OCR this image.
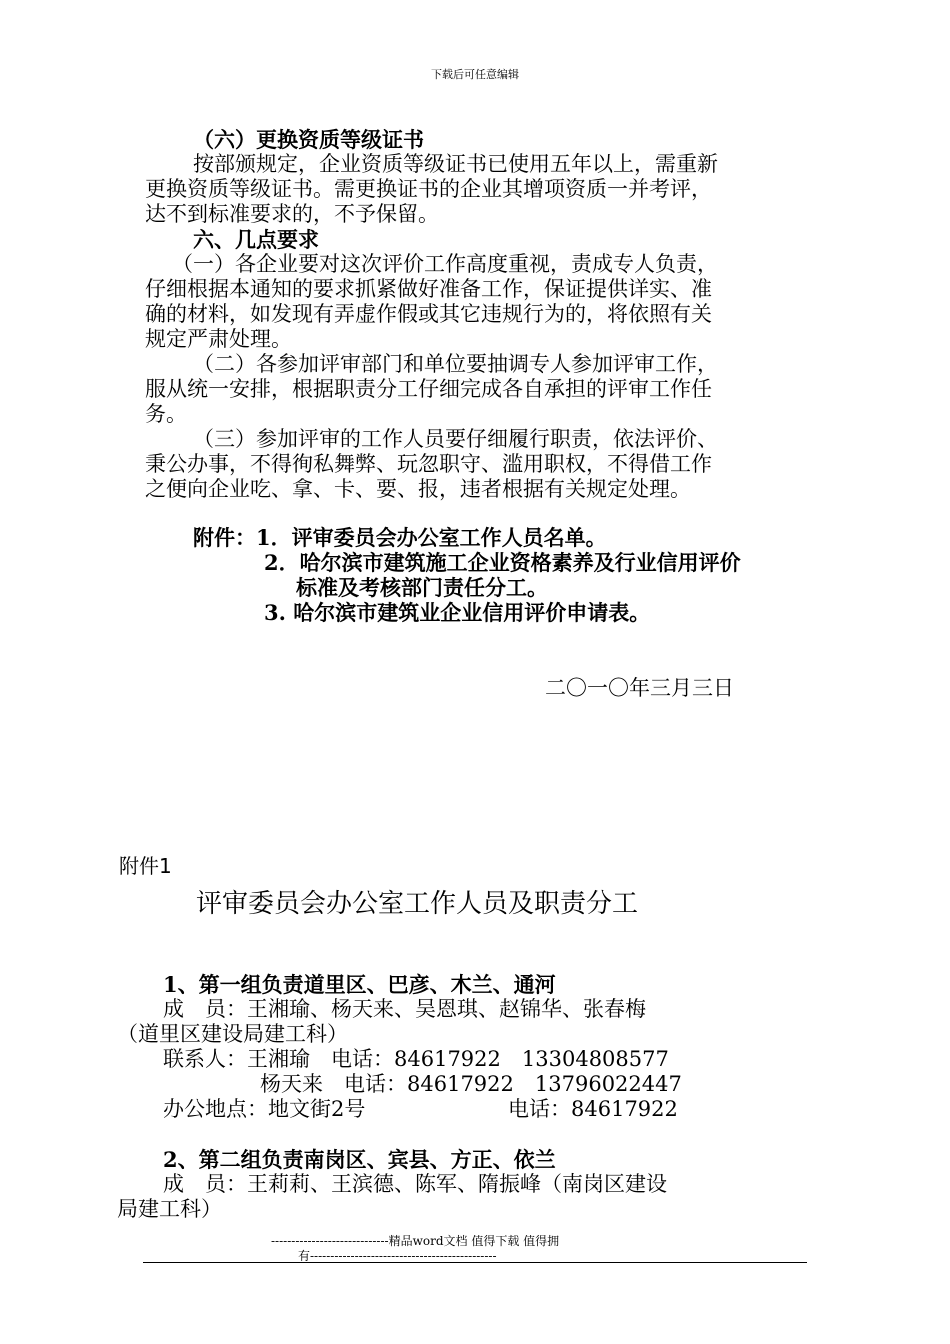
下载后可任意编辑
（六）更换资质等级证书
按部颁规定，企业资质等级证书已使用五年以上，需重新
更换资质等级证书。需更换证书的企业其增项资质一并考评，
达不到标准要求的，不予保留。
六、几点要求
（一）各企业要对这次评价工作高度重视，责成专人负责，
仔细根据本通知的要求抓紧做好准备工作，保证提供详实、准
确的材料，如发现有弄虚作假或其它违规行为的，将依照有关
规定严肃处理。
（二）各参加评审部门和单位要抽调专人参加评审工作，
服从统一安排，根据职责分工仔细完成各自承担的评审工作任
务。
（三）参加评审的工作人员要仔细履行职责，依法评价、
秉公办事，不得徇私舞弊、玩忽职守、滥用职权，不得借工作
之便向企业吃、拿、卡、要、报，违者根据有关规定处理。
附件： 1．评审委员会办公室工作人员名单。
2．哈尔滨市建筑施工企业资格素养及行业信用评价
标准及考核部门责任分工。
3. 哈尔滨市建筑业企业信用评价申请表。
二〇一〇年三月三日
附件1
评审委员会办公室工作人员及职责分工
1、第一组负责道里区、巴彦、木兰、通河
成　员：王湘瑜、杨天来、吴恩琪、赵锦华、张春梅
（道里区建设局建工科）
联系人：王湘瑜　电话：84617922　13304808577
杨天来　电话：84617922　13796022447
办公地点：地文街2号	电话：84617922
2、第二组负责南岗区、宾县、方正、依兰
成　员：王莉莉、王滨德、陈军、隋振峰（南岗区建设
局建工科）
-----------------------------精品word文档 值得下载 值得拥
有----------------------------------------------
